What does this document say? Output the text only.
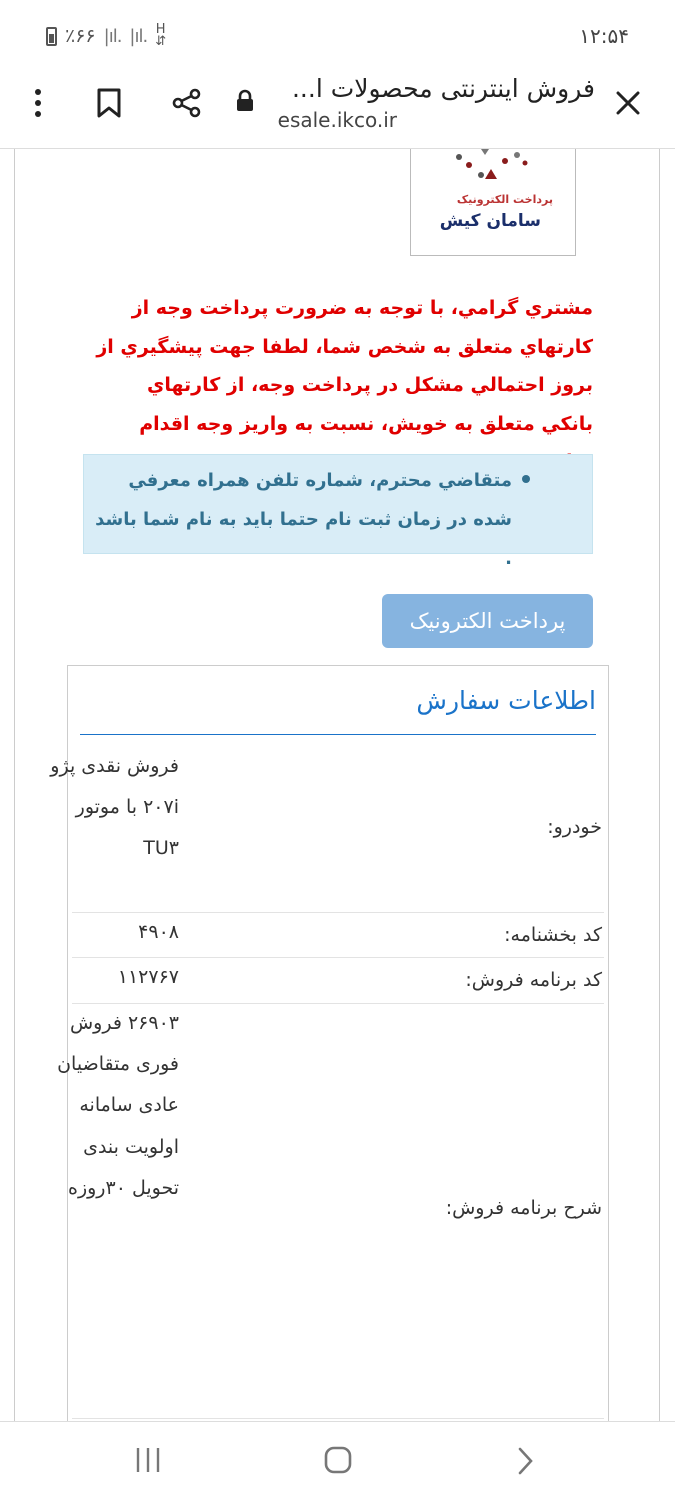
٪۶۶ |ıl. |ıl. H
⇵	۱۲:۵۴
فروش اینترنتی محصولات ا...
esale.ikco.ir
پرداخت الکترونیک
سامان کیش
مشتري گرامي، با توجه به ضرورت پرداخت وجه از کارتهاي متعلق به شخص شما، لطفا جهت پيشگيري از بروز احتمالي مشکل در پرداخت وجه، از کارتهاي بانکي متعلق به خويش، نسبت به واريز وجه اقدام
متقاضي محترم، شماره تلفن همراه معرفي شده در زمان ثبت نام حتما بايد به نام شما باشد .
پرداخت الکترونیک
اطلاعات سفارش
خودرو:
فروش نقدی پژو ۲۰۷i با موتور TU۳
کد بخشنامه:
۴۹۰۸
کد برنامه فروش:
۱۱۲۷۶۷
شرح برنامه فروش:
۲۶۹۰۳ فروش فوری متقاضیان عادی سامانه اولویت بندی تحویل ۳۰روزه
